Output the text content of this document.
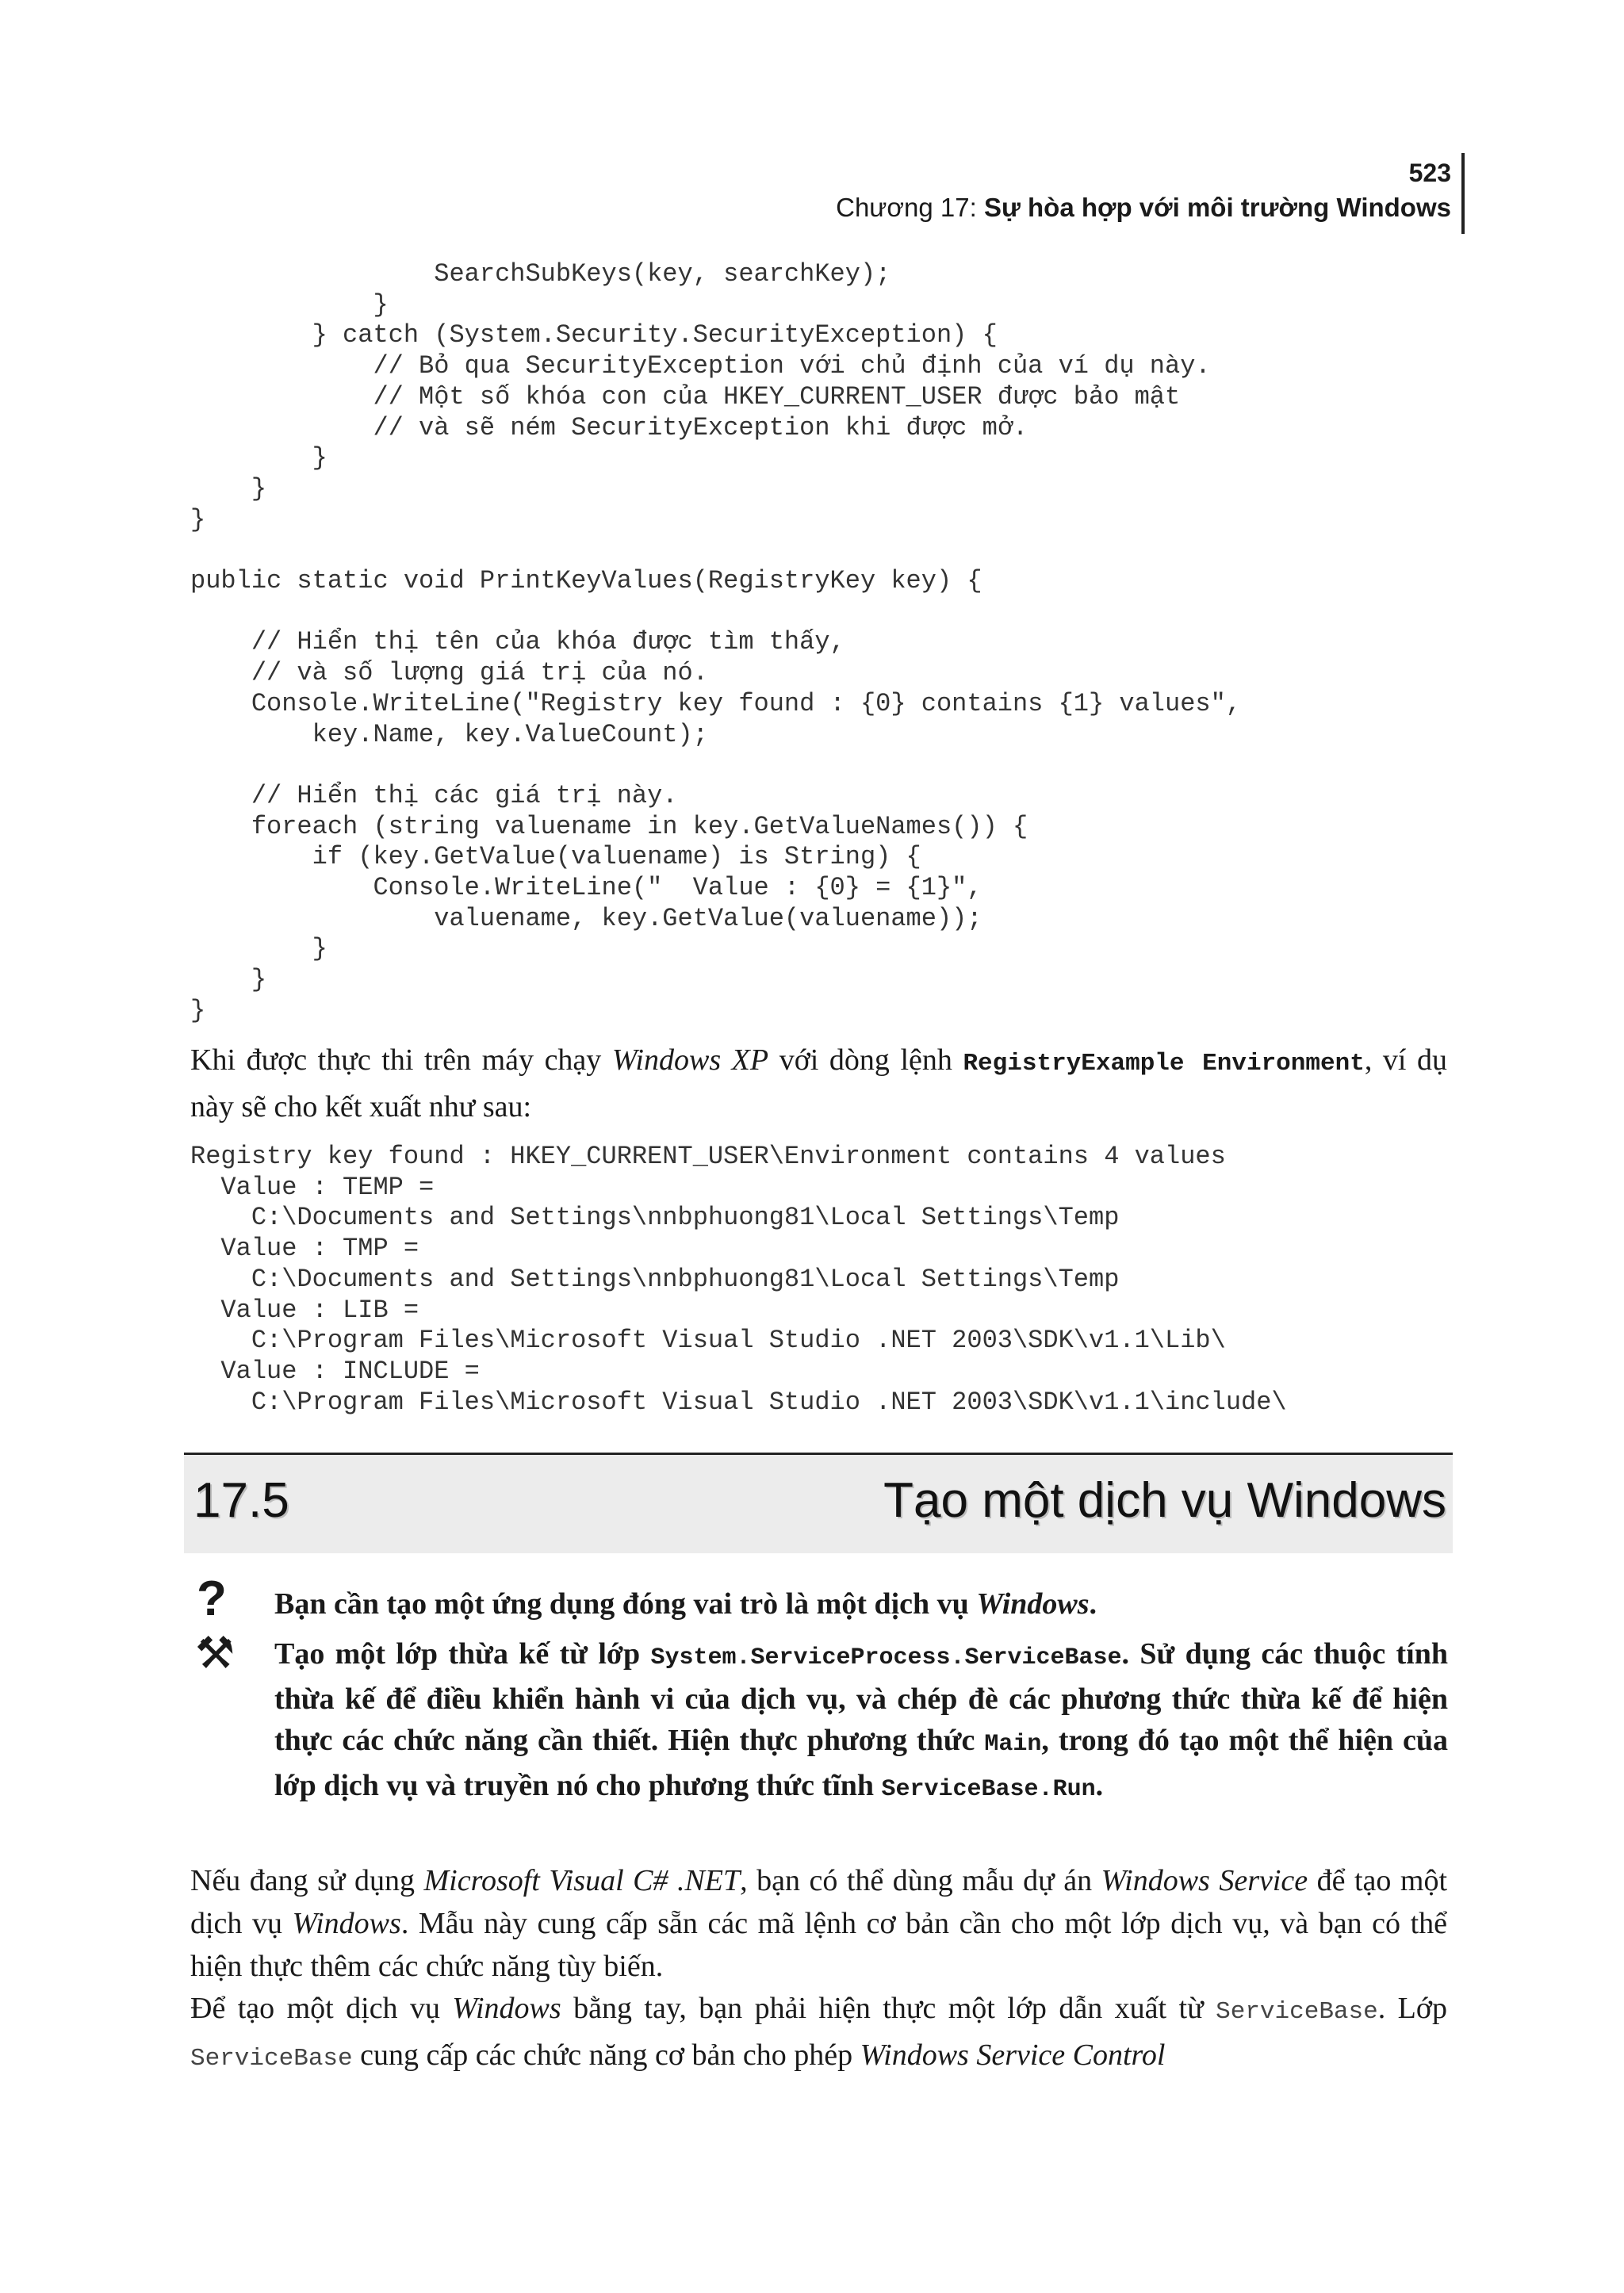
523
Chương 17: Sự hòa hợp với môi trường Windows
SearchSubKeys(key, searchKey);
}
} catch (System.Security.SecurityException) {
// Bỏ qua SecurityException với chủ định của ví dụ này.
// Một số khóa con của HKEY_CURRENT_USER được bảo mật
// và sẽ ném SecurityException khi được mở.
}
}
}

public static void PrintKeyValues(RegistryKey key) {

// Hiển thị tên của khóa được tìm thấy,
// và số lượng giá trị của nó.
Console.WriteLine("Registry key found : {0} contains {1} values",
key.Name, key.ValueCount);

// Hiển thị các giá trị này.
foreach (string valuename in key.GetValueNames()) {
if (key.GetValue(valuename) is String) {
Console.WriteLine("  Value : {0} = {1}",
valuename, key.GetValue(valuename));
}
}
}
Khi được thực thi trên máy chạy Windows XP với dòng lệnh RegistryExample Environment, ví dụ này sẽ cho kết xuất như sau:
Registry key found : HKEY_CURRENT_USER\Environment contains 4 values
Value : TEMP =
C:\Documents and Settings\nnbphuong81\Local Settings\Temp
Value : TMP =
C:\Documents and Settings\nnbphuong81\Local Settings\Temp
Value : LIB =
C:\Program Files\Microsoft Visual Studio .NET 2003\SDK\v1.1\Lib\
Value : INCLUDE =
C:\Program Files\Microsoft Visual Studio .NET 2003\SDK\v1.1\include\
17.5	Tạo một dịch vụ Windows
?
⚒
Bạn cần tạo một ứng dụng đóng vai trò là một dịch vụ Windows.
Tạo một lớp thừa kế từ lớp System.ServiceProcess.ServiceBase. Sử dụng các thuộc tính thừa kế để điều khiển hành vi của dịch vụ, và chép đè các phương thức thừa kế để hiện thực các chức năng cần thiết. Hiện thực phương thức Main, trong đó tạo một thể hiện của lớp dịch vụ và truyền nó cho phương thức tĩnh ServiceBase.Run.
Nếu đang sử dụng Microsoft Visual C# .NET, bạn có thể dùng mẫu dự án Windows Service để tạo một dịch vụ Windows. Mẫu này cung cấp sẵn các mã lệnh cơ bản cần cho một lớp dịch vụ, và bạn có thể hiện thực thêm các chức năng tùy biến.
Để tạo một dịch vụ Windows bằng tay, bạn phải hiện thực một lớp dẫn xuất từ ServiceBase. Lớp ServiceBase cung cấp các chức năng cơ bản cho phép Windows Service Control
